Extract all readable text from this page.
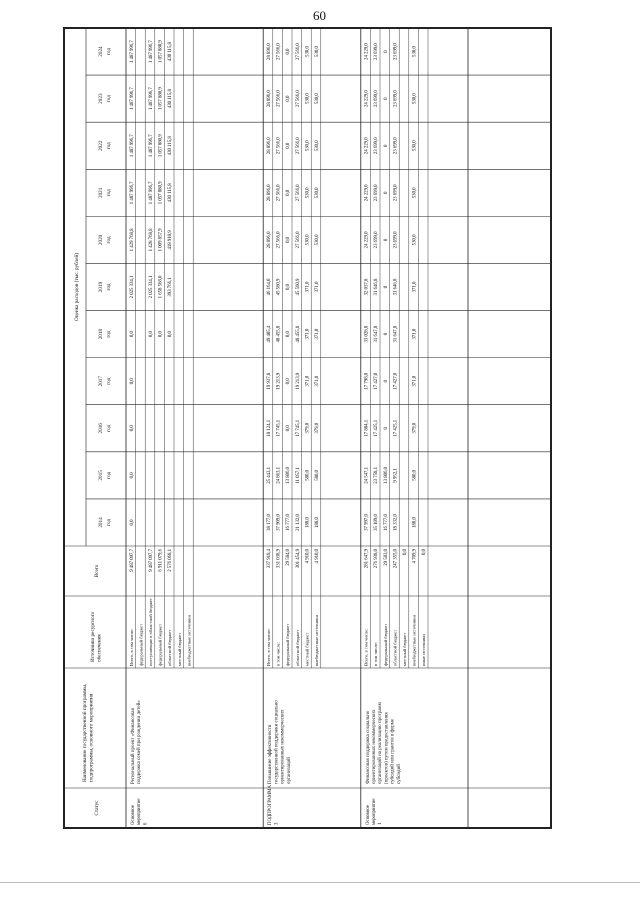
60
Статус
Наименование государственной программы, подпрограммы, основного мероприятия
Источники ресурсного обеспечения
Всего
Оценка расходов (тыс. рублей)
2014 год
2015 год
2016 год
2017 год
2018 год
2019 год
2020 год
2021 год
2022 год
2023 год
2024 год
Всего, в том числе:
9 487 097,7
0,0
0,0
0,0
0,0
0,0
2 025 334,1
1 429 768,8
1 487 996,7
1 487 996,7
1 487 996,7
1 487 996,7
федеральный бюджет поступающие в областной бюджет
9 487 097,7
0,0
2 025 334,1
1 428 768,8
1 487 996,7
1 487 996,7
1 487 996,7
1 487 996,7
федеральный бюджет
6 911 079,6
0,0
1 658 568,0
1 009 857,9
1 057 880,9
1 057 880,9
1 057 880,9
1 057 880,9
областной бюджет
2 576 068,1
0,0
393 766,1
418 910,9
430 115,8
430 115,8
430 115,8
430 115,8
местный бюджет внебюджетные источники
Основное мероприятие 6
Региональный проект «Финансовая поддержка семей при рождении детей»
Всего, в том числе:
337 918,4
38 177,0
25 443,1
18 124,1
19 937,8
49 405,4
46 164,0
28 896,0
28 896,0
28 896,0
28 896,0
28 896,0
в том числе:
331 038,9
37 909,0
24 863,1
17 745,1
19 213,9
48 455,8
45 560,9
27 566,0
27 566,0
27 566,0
27 566,0
27 566,0
федеральный бюджет
29 584,0
16 777,0
13 806,0
0,0
0,0
0,0
0,0
0,0
0,0
0,0
0,0
0,0
областной бюджет
301 454,9
21 132,0
11 057,1
17 745,1
19 213,9
48 455,8
45 560,9
27 566,0
27 566,0
27 566,0
27 566,0
27 566,0
местный бюджет
4 910,0
188,0
580,0
379,0
371,0
371,0
371,0
530,0
530,0
530,0
530,0
530,0
внебюджетные источники
4 910,0
188,0
580,0
379,0
371,0
371,0
371,0
530,0
530,0
530,0
530,0
530,0
ПОДПРОГРАММА 3
Повышение эффективности государственной поддержки социально ориентированных некоммерческих организаций
Всего, в том числе:
281 647,9
37 997,0
24 547,1
17 884,1
17 798,0
33 028,8
32 037,8
24 229,0
24 229,0
24 229,0
24 229,0
24 229,0
в том числе:
276 938,0
35 109,0
23 758,1
17 425,1
17 427,0
31 647,8
31 646,8
23 699,0
23 699,0
23 699,0
23 699,0
23 699,0
федеральный бюджет
29 583,0
16 777,0
13 806,0
0
0
0
0
0
0
0
0
0
областной бюджет
247 355,0
18 332,0
9 952,1
17 425,1
17 427,0
31 647,8
31 646,8
23 699,0
23 699,0
23 699,0
23 699,0
23 699,0
местный бюджет
0,0
внебюджетные источники
4 709,9
188,0
580,0
379,0
371,0
371,0
371,0
530,0
530,0
530,0
530,0
530,0
иные источники
0,0
Основное мероприятие 1
Финансовая поддержка социально ориентированных некоммерческих организаций на реализацию программ (проектов) путем предоставления субсидий или грантов в форме субсидий
